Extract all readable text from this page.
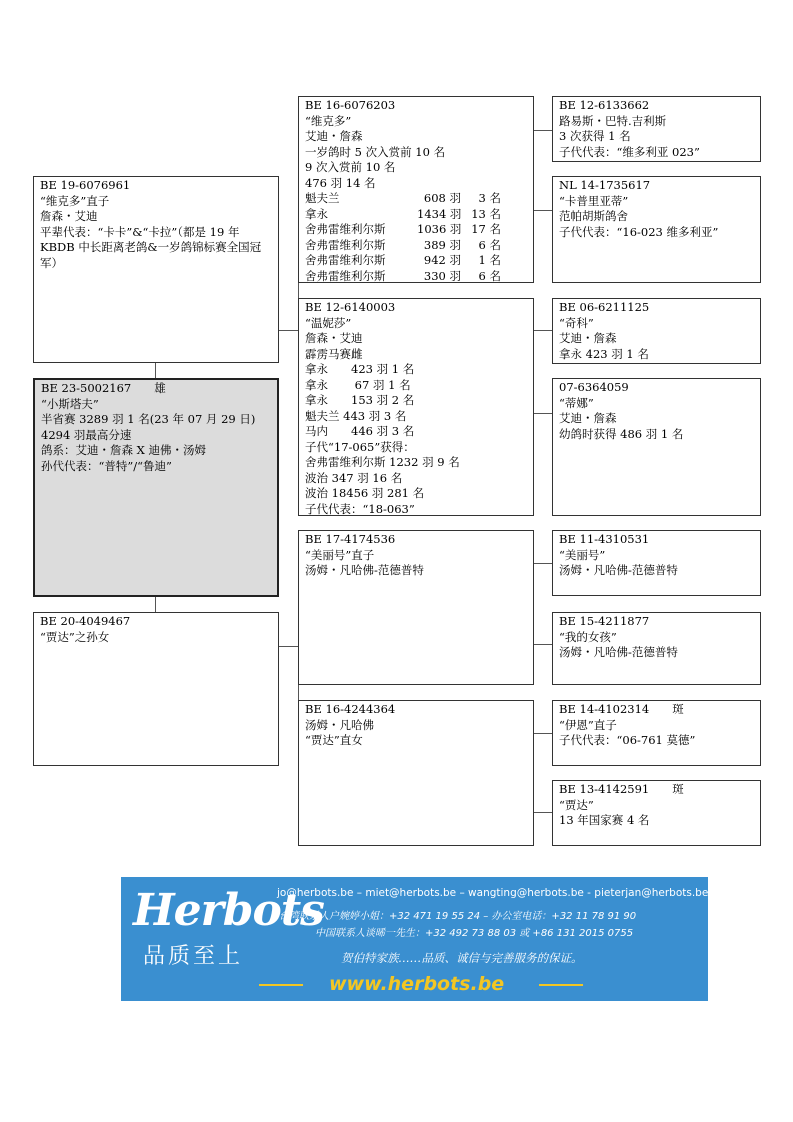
BE 19-6076961
“维克多”直子
詹森・艾迪
平辈代表：“卡卡”&“卡拉”（都是 19 年 KBDB 中长距离老鸽&一岁鸽锦标赛全国冠军）
BE 23-5002167　　雄
“小斯塔夫”
半省赛 3289 羽 1 名(23 年 07 月 29 日)
4294 羽最高分速
鸽系：艾迪・詹森 X 迪佛・汤姆
孙代代表：“普特”/“鲁迪”
BE 20-4049467
“贾达”之孙女
BE 16-6076203
“维克多”
艾迪・詹森
一岁鸽时 5 次入赏前 10 名
9 次入赏前 10 名
476 羽 14 名
魁夫兰	608 羽	3 名
拿永	1434 羽 13 名
舍弗雷维利尔斯	1036 羽 17 名
舍弗雷维利尔斯	389 羽	6 名
舍弗雷维利尔斯	942 羽	1 名
舍弗雷维利尔斯	330 羽	6 名
BE 12-6140003
“温妮莎”
詹森・艾迪
霹雳马赛雌
拿永　　423 羽 1 名
拿永　　 67 羽 1 名
拿永　　153 羽 2 名
魁夫兰 443 羽 3 名
马内　　446 羽 3 名
子代“17-065”获得：
舍弗雷维利尔斯 1232 羽 9 名
波治 347 羽 16 名
波治 18456 羽 281 名
子代代表：“18-063”
BE 17-4174536
“美丽号”直子
汤姆・凡哈佛-范德普特
BE 16-4244364
汤姆・凡哈佛
“贾达”直女
BE 12-6133662
路易斯・巴特.吉利斯
3 次获得 1 名
子代代表：“维多利亚 023”
NL 14-1735617
“卡普里亚蒂”
范帕胡斯鸽舍
子代代表：“16-023 维多利亚”
BE 06-6211125
“奇科”
艾迪・詹森
拿永 423 羽 1 名
07-6364059
“蒂娜”
艾迪・詹森
幼鸽时获得 486 羽 1 名
BE 11-4310531
“美丽号”
汤姆・凡哈佛-范德普特
BE 15-4211877
“我的女孩”
汤姆・凡哈佛-范德普特
BE 14-4102314　　斑
“伊恩”直子
子代代表：“06-761 莫德”
BE 13-4142591　　斑
“贾达”
13 年国家赛 4 名
Herbots
品质至上
jo@herbots.be – miet@herbots.be – wangting@herbots.be - pieterjan@herbots.be
台湾联系人户婉婷小姐：+32 471 19 55 24 – 办公室电话：+32 11 78 91 90
中国联系人谈晞一先生：+32 492 73 88 03 或 +86 131 2015 0755
贺伯特家族……品质、诚信与完善服务的保证。
www.herbots.be
